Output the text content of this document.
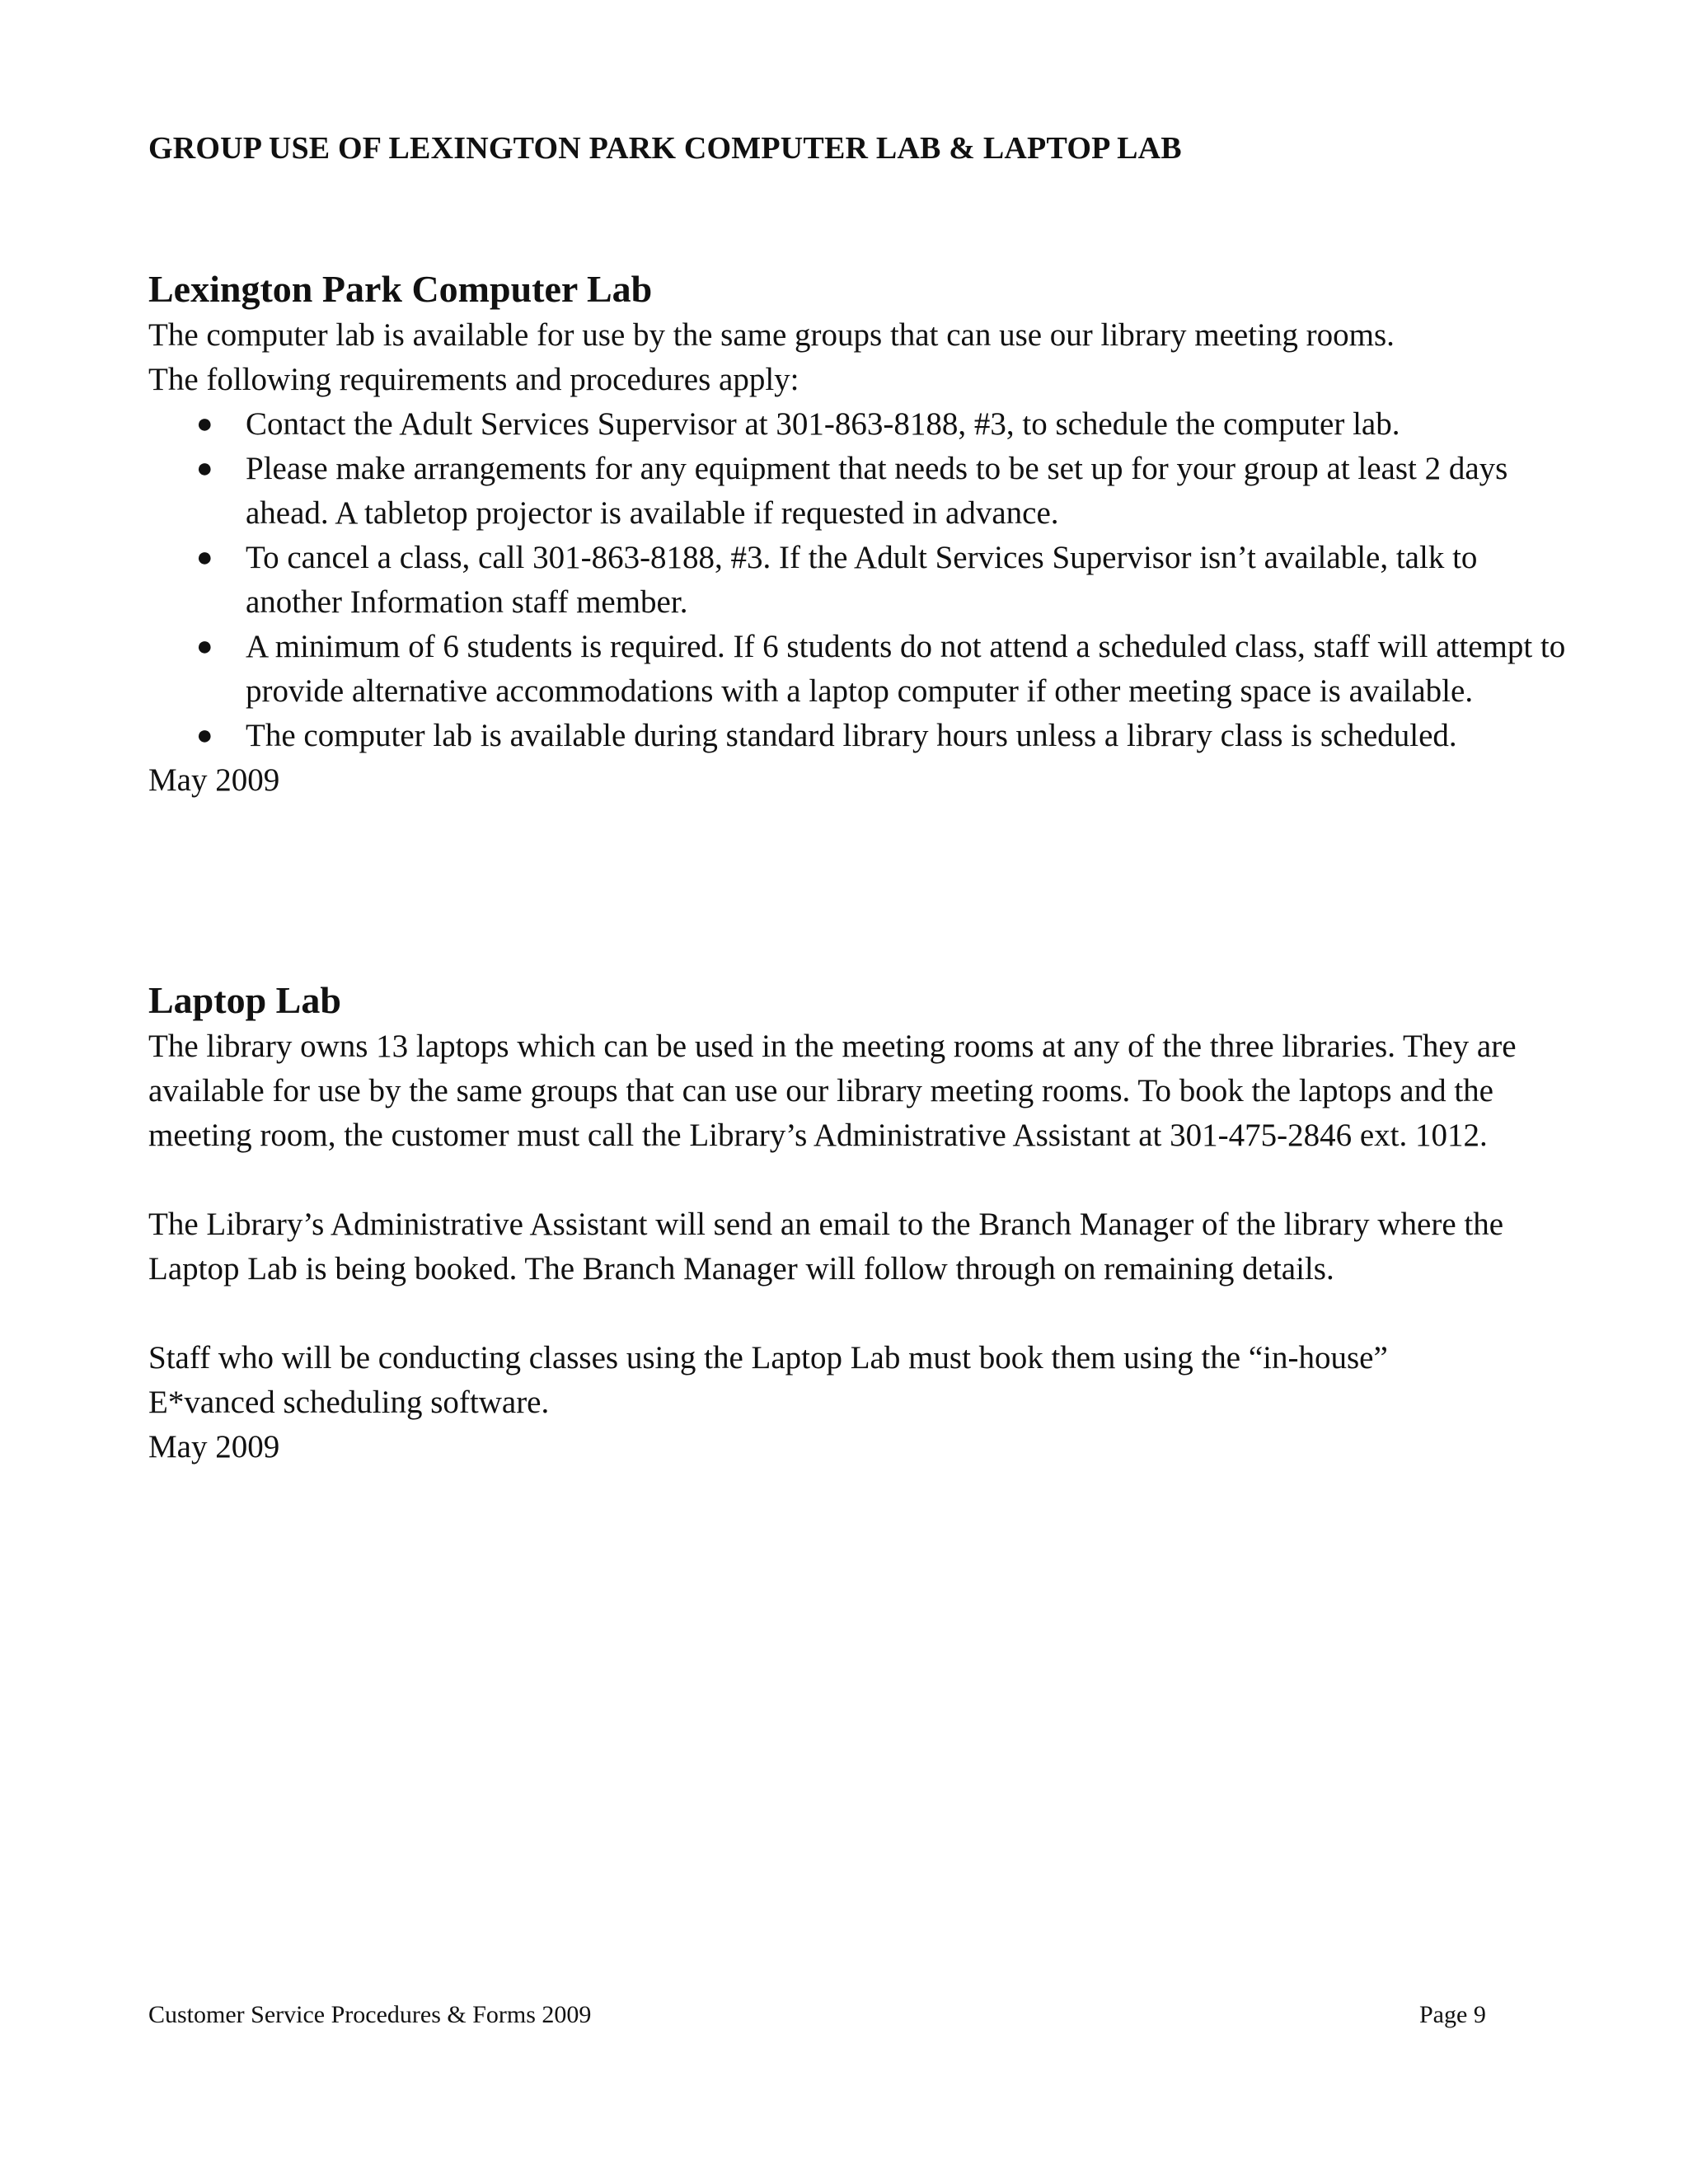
GROUP USE OF LEXINGTON PARK COMPUTER LAB & LAPTOP LAB
Lexington Park Computer Lab

The computer lab is available for use by the same groups that can use our library meeting rooms.

The following requirements and procedures apply:

● Contact the Adult Services Supervisor at 301-863-8188, #3, to schedule the computer lab.
● Please make arrangements for any equipment that needs to be set up for your group at least 2 days ahead. A tabletop projector is available if requested in advance.
● To cancel a class, call 301-863-8188, #3. If the Adult Services Supervisor isn’t available, talk to another Information staff member.
● A minimum of 6 students is required. If 6 students do not attend a scheduled class, staff will attempt to provide alternative accommodations with a laptop computer if other meeting space is available.
● The computer lab is available during standard library hours unless a library class is scheduled.

May 2009

Laptop Lab

The library owns 13 laptops which can be used in the meeting rooms at any of the three libraries. They are available for use by the same groups that can use our library meeting rooms. To book the laptops and the meeting room, the customer must call the Library’s Administrative Assistant at 301-475-2846 ext. 1012.

The Library’s Administrative Assistant will send an email to the Branch Manager of the library where the Laptop Lab is being booked. The Branch Manager will follow through on remaining details.

Staff who will be conducting classes using the Laptop Lab must book them using the “in-house”

E*vanced scheduling software.

May 2009

Customer Service Procedures & Forms 2009	Page 9
